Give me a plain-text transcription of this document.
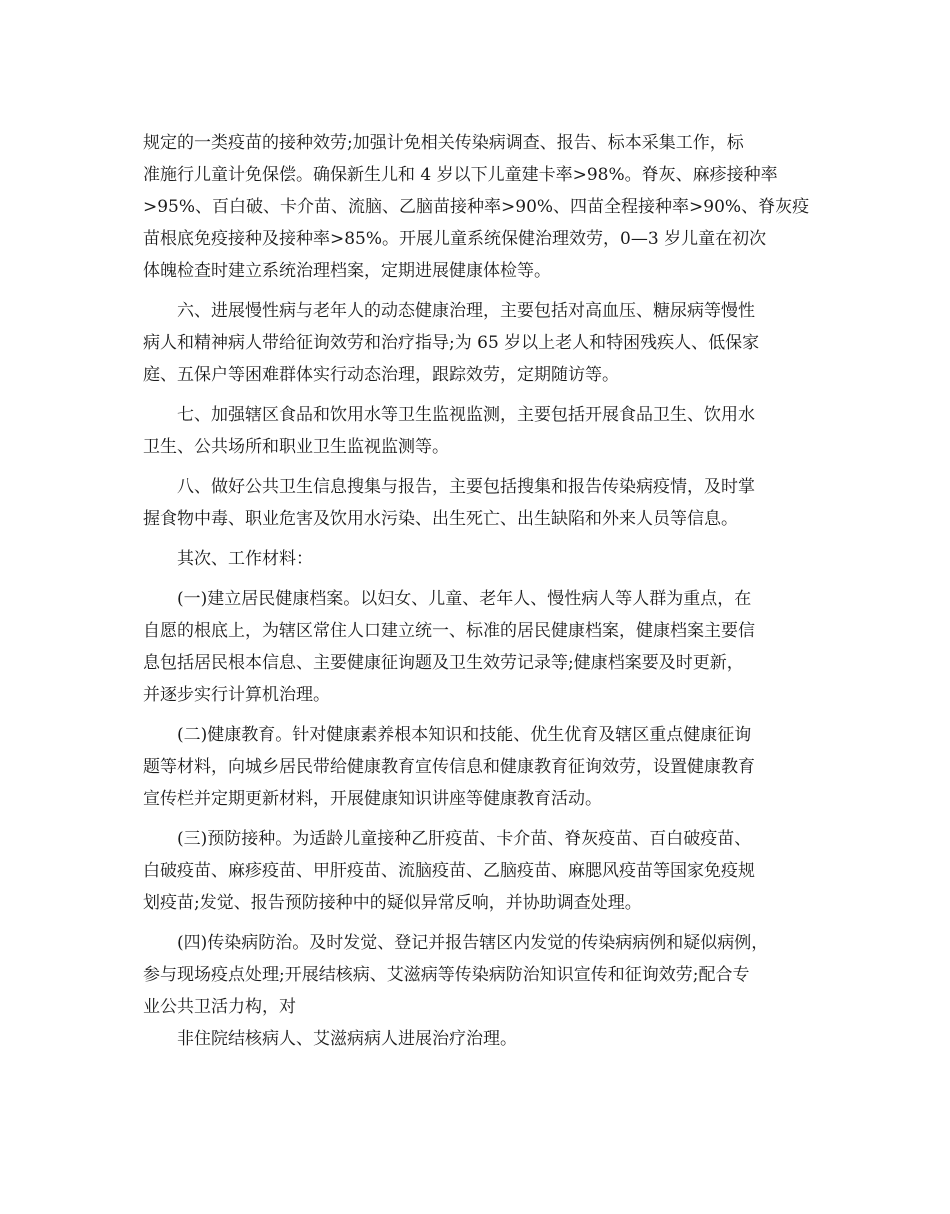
规定的一类疫苗的接种效劳;加强计免相关传染病调查、报告、标本采集工作，标
准施行儿童计免保偿。确保新生儿和 4 岁以下儿童建卡率>98%。脊灰、麻疹接种率
>95%、百白破、卡介苗、流脑、乙脑苗接种率>90%、四苗全程接种率>90%、脊灰疫
苗根底免疫接种及接种率>85%。开展儿童系统保健治理效劳，0—3 岁儿童在初次
体魄检查时建立系统治理档案，定期进展健康体检等。
六、进展慢性病与老年人的动态健康治理，主要包括对高血压、糖尿病等慢性
病人和精神病人带给征询效劳和治疗指导;为 65 岁以上老人和特困残疾人、低保家
庭、五保户等困难群体实行动态治理，跟踪效劳，定期随访等。
七、加强辖区食品和饮用水等卫生监视监测，主要包括开展食品卫生、饮用水
卫生、公共场所和职业卫生监视监测等。
八、做好公共卫生信息搜集与报告，主要包括搜集和报告传染病疫情，及时掌
握食物中毒、职业危害及饮用水污染、出生死亡、出生缺陷和外来人员等信息。
其次、工作材料：
(一)建立居民健康档案。以妇女、儿童、老年人、慢性病人等人群为重点，在
自愿的根底上，为辖区常住人口建立统一、标准的居民健康档案，健康档案主要信
息包括居民根本信息、主要健康征询题及卫生效劳记录等;健康档案要及时更新，
并逐步实行计算机治理。
(二)健康教育。针对健康素养根本知识和技能、优生优育及辖区重点健康征询
题等材料，向城乡居民带给健康教育宣传信息和健康教育征询效劳，设置健康教育
宣传栏并定期更新材料，开展健康知识讲座等健康教育活动。
(三)预防接种。为适龄儿童接种乙肝疫苗、卡介苗、脊灰疫苗、百白破疫苗、
白破疫苗、麻疹疫苗、甲肝疫苗、流脑疫苗、乙脑疫苗、麻腮风疫苗等国家免疫规
划疫苗;发觉、报告预防接种中的疑似异常反响，并协助调查处理。
(四)传染病防治。及时发觉、登记并报告辖区内发觉的传染病病例和疑似病例，
参与现场疫点处理;开展结核病、艾滋病等传染病防治知识宣传和征询效劳;配合专
业公共卫活力构，对
非住院结核病人、艾滋病病人进展治疗治理。
